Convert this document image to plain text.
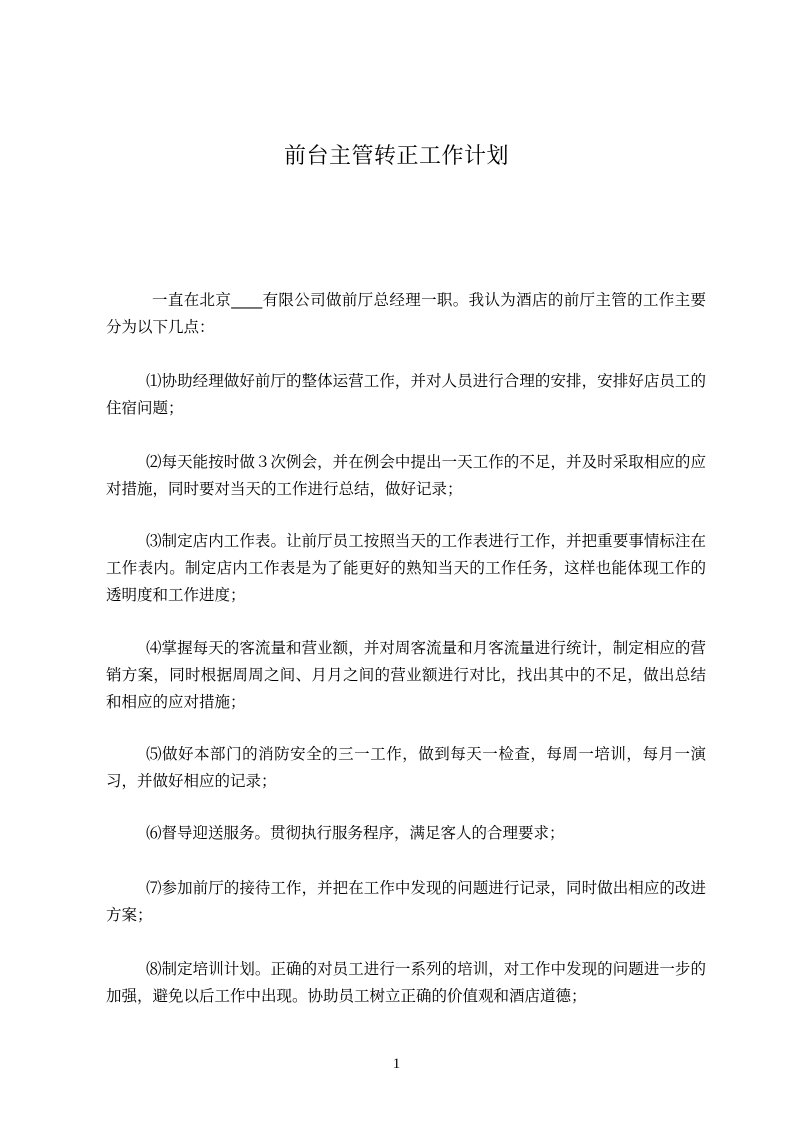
前台主管转正工作计划

一直在北京____有限公司做前厅总经理一职。我认为酒店的前厅主管的工作主要分为以下几点：

⑴协助经理做好前厅的整体运营工作，并对人员进行合理的安排，安排好店员工的住宿问题；

⑵每天能按时做３次例会，并在例会中提出一天工作的不足，并及时采取相应的应对措施，同时要对当天的工作进行总结，做好记录；

⑶制定店内工作表。让前厅员工按照当天的工作表进行工作，并把重要事情标注在工作表内。制定店内工作表是为了能更好的熟知当天的工作任务，这样也能体现工作的透明度和工作进度；

⑷掌握每天的客流量和营业额，并对周客流量和月客流量进行统计，制定相应的营销方案，同时根据周周之间、月月之间的营业额进行对比，找出其中的不足，做出总结和相应的应对措施；

⑸做好本部门的消防安全的三一工作，做到每天一检查，每周一培训，每月一演习，并做好相应的记录；

⑹督导迎送服务。贯彻执行服务程序，满足客人的合理要求；

⑺参加前厅的接待工作，并把在工作中发现的问题进行记录，同时做出相应的改进方案；

⑻制定培训计划。正确的对员工进行一系列的培训，对工作中发现的问题进一步的加强，避免以后工作中出现。协助员工树立正确的价值观和酒店道德；

1
